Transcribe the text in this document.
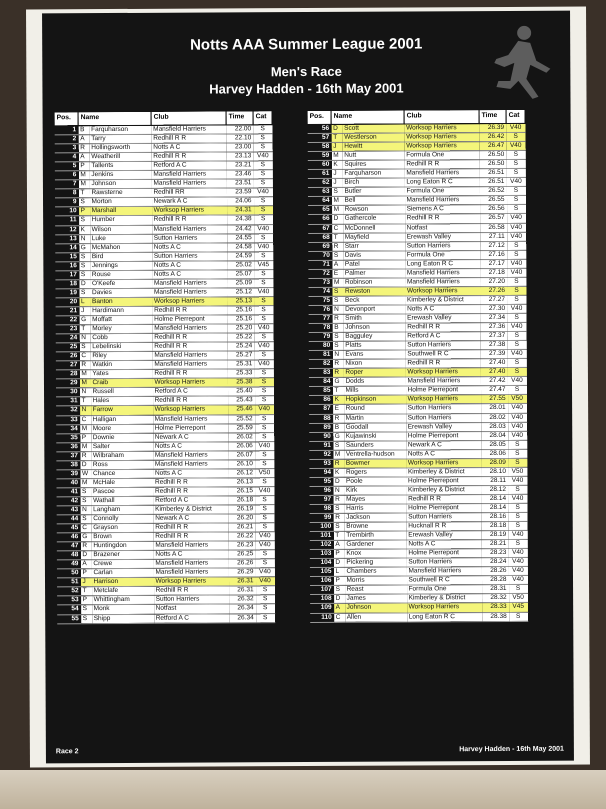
Notts AAA Summer League 2001
Men's Race
Harvey Hadden - 16th May 2001
Pos.	Name		Club	Time	Cat
1	B	Farquharson	Mansfield Harriers	22.00	S
2	A	Tarry	Redhill R R	22.10	S
3	R	Hollingsworth	Notts A C	23.00	S
4	A	Weatherill	Redhill R R	23.13	V40
5	P	Tallents	Retford A C	23.21	S
6	M	Jenkins	Mansfield Harriers	23.46	S
7	M	Johnson	Mansfield Harriers	23.51	S
8	T	Rawsterne	Redhill RR	23.59	V40
9	S	Morton	Newark A C	24.06	S
10	P	Marshall	Worksop Harriers	24.31	S
11	S	Humber	Redhill R R	24.38	S
12	K	Wilson	Mansfield Harriers	24.42	V40
13	N	Luke	Sutton Harriers	24.55	S
14	G	McMahon	Notts A C	24.58	V40
15	S	Bird	Sutton Harriers	24.59	S
16	S	Jennings	Notts A C	25.02	V45
17	S	Rouse	Notts A C	25.07	S
18	D	O'Keefe	Mansfield Harriers	25.09	S
19	S	Davies	Mansfield Harriers	25.12	V40
20	L	Banton	Worksop Harriers	25.13	S
21	J	Hardimann	Redhill R R	25.16	S
22	G	Moffatt	Holme Pierrepont	25.16	S
23	T	Morley	Mansfield Harriers	25.20	V40
24	N	Cobb	Redhill R R	25.22	S
25	S	Lebelinski	Redhill R R	25.24	V40
26	C	Riley	Mansfield Harriers	25.27	S
27	R	Watkin	Mansfield Harriers	25.31	V40
28	M	Yates	Redhill R R	25.33	S
29	M	Craib	Worksop Harriers	25.38	S
30	N	Russell	Retford A C	25.40	S
31	T	Hales	Redhill R R	25.43	S
32	N	Farrow	Worksop Harriers	25.46	V40
33	C	Halligan	Mansfield Harriers	25.52	S
34	M	Moore	Holme Pierrepont	25.59	S
35	P	Downie	Newark A C	26.02	S
36	M	Salter	Notts A C	26.06	V40
37	R	Wilbraham	Mansfield Harriers	26.07	S
38	D	Ross	Mansfield Harriers	26.10	S
39	W	Chance	Notts A C	26.12	V50
40	M	McHale	Redhill R R	26.13	S
41	S	Pascoe	Redhill R R	26.15	V40
42	S	Wathall	Retford A C	26.18	S
43	N	Langham	Kimberley & District	26.19	S
44	S	Connolly	Newark A C	26.20	S
45	C	Grayson	Redhill R R	26.21	S
46	G	Brown	Redhill R R	26.22	V40
47	R	Huntingdon	Mansfield Harriers	26.23	V40
48	D	Brazener	Notts A C	26.25	S
49	A	Crewe	Mansfield Harriers	26.26	S
50	P	Carlan	Mansfield Harriers	26.29	V40
51	J	Harrison	Worksop Harriers	26.31	V40
52	T	Metclafe	Redhill R R	26.31	S
53	P	Whittingham	Sutton Harriers	26.32	S
54	S	Monk	Notfast	26.34	S
55	S	Shipp	Retford A C	26.34	S
Pos.	Name		Club	Time	Cat
56	D	Scott	Worksop Harriers	26.39	V40
57	T	Westlerson	Worksop Harriers	26.42	S
58	J	Hewitt	Worksop Harriers	26.47	V40
59	M	Nutt	Formula One	26.50	S
60	K	Squires	Redhill R R	26.50	S
61	J	Farquharson	Mansfield Harriers	26.51	S
62	J	Birch	Long Eaton R C	26.51	V40
63	S	Butler	Formula One	26.52	S
64	M	Bell	Mansfield Harriers	26.55	S
65	M	Rowson	Siemens A C	26.56	S
66	D	Gathercole	Redhill R R	26.57	V40
67	C	McDonnell	Notfast	26.58	V40
68	T	Mayfield	Erewash Valley	27.11	V40
69	R	Starr	Sutton Harriers	27.12	S
70	S	Davis	Formula One	27.16	S
71	A	Patel	Long Eaton R C	27.17	V40
72	E	Palmer	Mansfield Harriers	27.18	V40
73	M	Robinson	Mansfield Harriers	27.20	S
74	S	Rewston	Worksop Harriers	27.26	S
75	S	Beck	Kimberley & District	27.27	S
76	N	Devonport	Notts A C	27.30	V40
77	R	Smith	Erewash Valley	27.34	S
78	B	Johnson	Redhill R R	27.36	V40
79	S	Bagguley	Retford A C	27.37	S
80	S	Platts	Sutton Harriers	27.38	S
81	N	Evans	Southwell R C	27.39	V40
82	R	Nixon	Redhill R R	27.40	S
83	R	Roper	Worksop Harriers	27.40	S
84	G	Dodds	Mansfield Harriers	27.42	V40
85	T	Mills	Holme Pierrepont	27.47	S
86	K	Hopkinson	Worksop Harriers	27.55	V50
87	E	Round	Sutton Harriers	28.01	V40
88	R	Martin	Sutton Harriers	28.02	V40
89	B	Goodall	Erewash Valley	28.03	V40
90	G	Kujawinski	Holme Pierrepont	28.04	V40
91	S	Saunders	Newark A C	28.05	S
92	M	Ventrella-hudson	Notts A C	28.06	S
93	R	Bowmer	Worksop Harriers	28.09	S
94	K	Rogers	Kimberley & District	28.10	V50
95	D	Poole	Holme Pierrepont	28.11	V40
96	N	Kirk	Kimberley & District	28.12	S
97	R	Mayes	Redhill R R	28.14	V40
98	S	Harris	Holme Pierrepont	28.14	S
99	R	Jackson	Sutton Harriers	28.16	S
100	S	Browne	Hucknall R R	28.18	S
101	T	Trembirth	Erewash Valley	28.19	V40
102	A	Gardener	Notts A C	28.21	S
103	P	Knox	Holme Pierrepont	28.23	V40
104	D	Pickering	Sutton Harriers	28.24	V40
105	L	Chambers	Mansfield Harriers	28.26	V40
106	P	Morris	Southwell R C	28.28	V40
107	S	Reast	Formula One	28.31	S
108	D	James	Kimberley & District	28.32	V50
109	A	Johnson	Worksop Harriers	28.33	V45
110	C	Allen	Long Eaton R C	28.38	S
Race 2	Harvey Hadden - 16th May 2001
